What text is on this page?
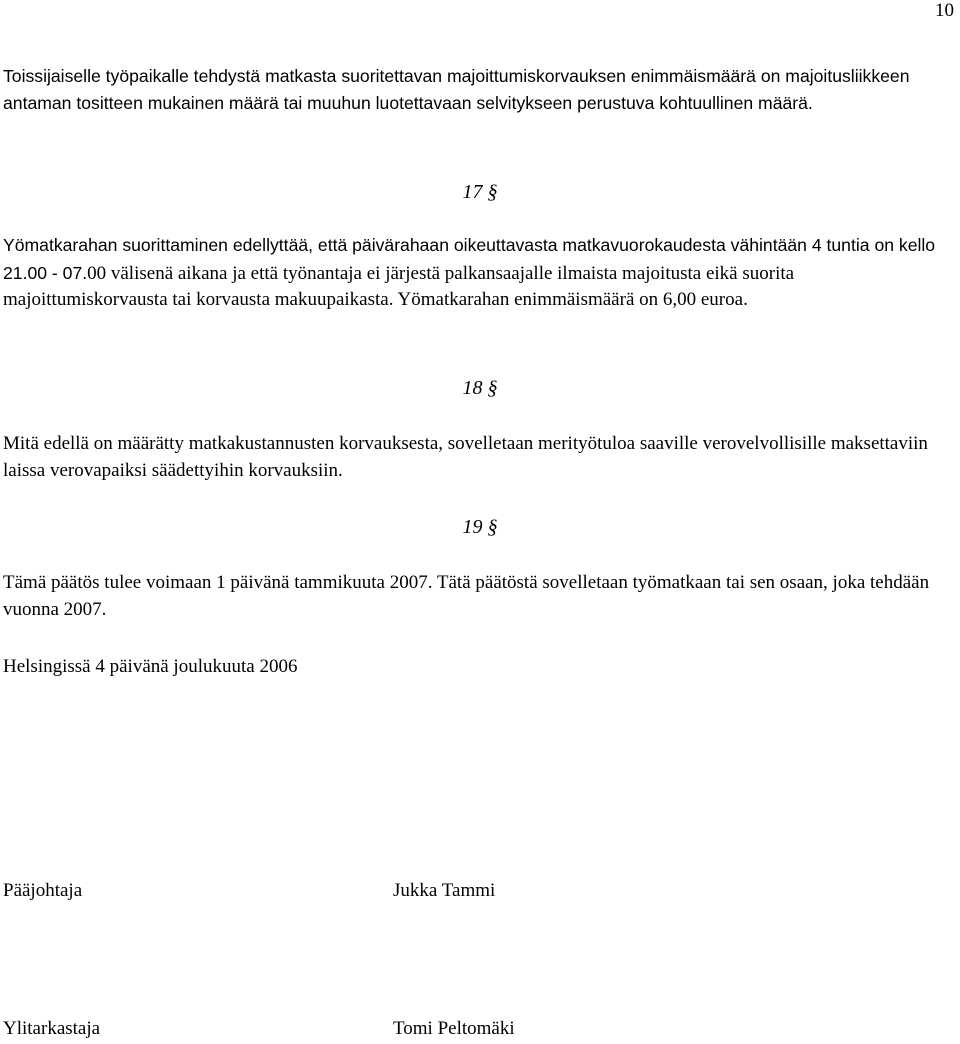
10

Toissijaiselle työpaikalle tehdystä matkasta suoritettavan majoittumiskorvauksen enimmäismäärä on majoitusliikkeen antaman tositteen mukainen määrä tai muuhun luotettavaan selvitykseen perustuva kohtuullinen määrä.

17 §

Yömatkarahan suorittaminen edellyttää, että päivärahaan oikeuttavasta matkavuorokaudesta vähintään 4 tuntia on kello 21.00 - 07.00 välisenä aikana ja että työnantaja ei järjestä palkansaajalle ilmaista majoitusta eikä suorita majoittumiskorvausta tai korvausta makuupaikasta. Yömatkarahan enimmäismäärä on 6,00 euroa.

18 §

Mitä edellä on määrätty matkakustannusten korvauksesta, sovelletaan merityötuloa saaville verovelvollisille maksettaviin laissa verovapaiksi säädettyihin korvauksiin.

19 §

Tämä päätös tulee voimaan 1 päivänä tammikuuta 2007. Tätä päätöstä sovelletaan työmatkaan tai sen osaan, joka tehdään vuonna 2007.

Helsingissä 4 päivänä joulukuuta 2006

Pääjohtaja	Jukka Tammi
Ylitarkastaja	Tomi Peltomäki
